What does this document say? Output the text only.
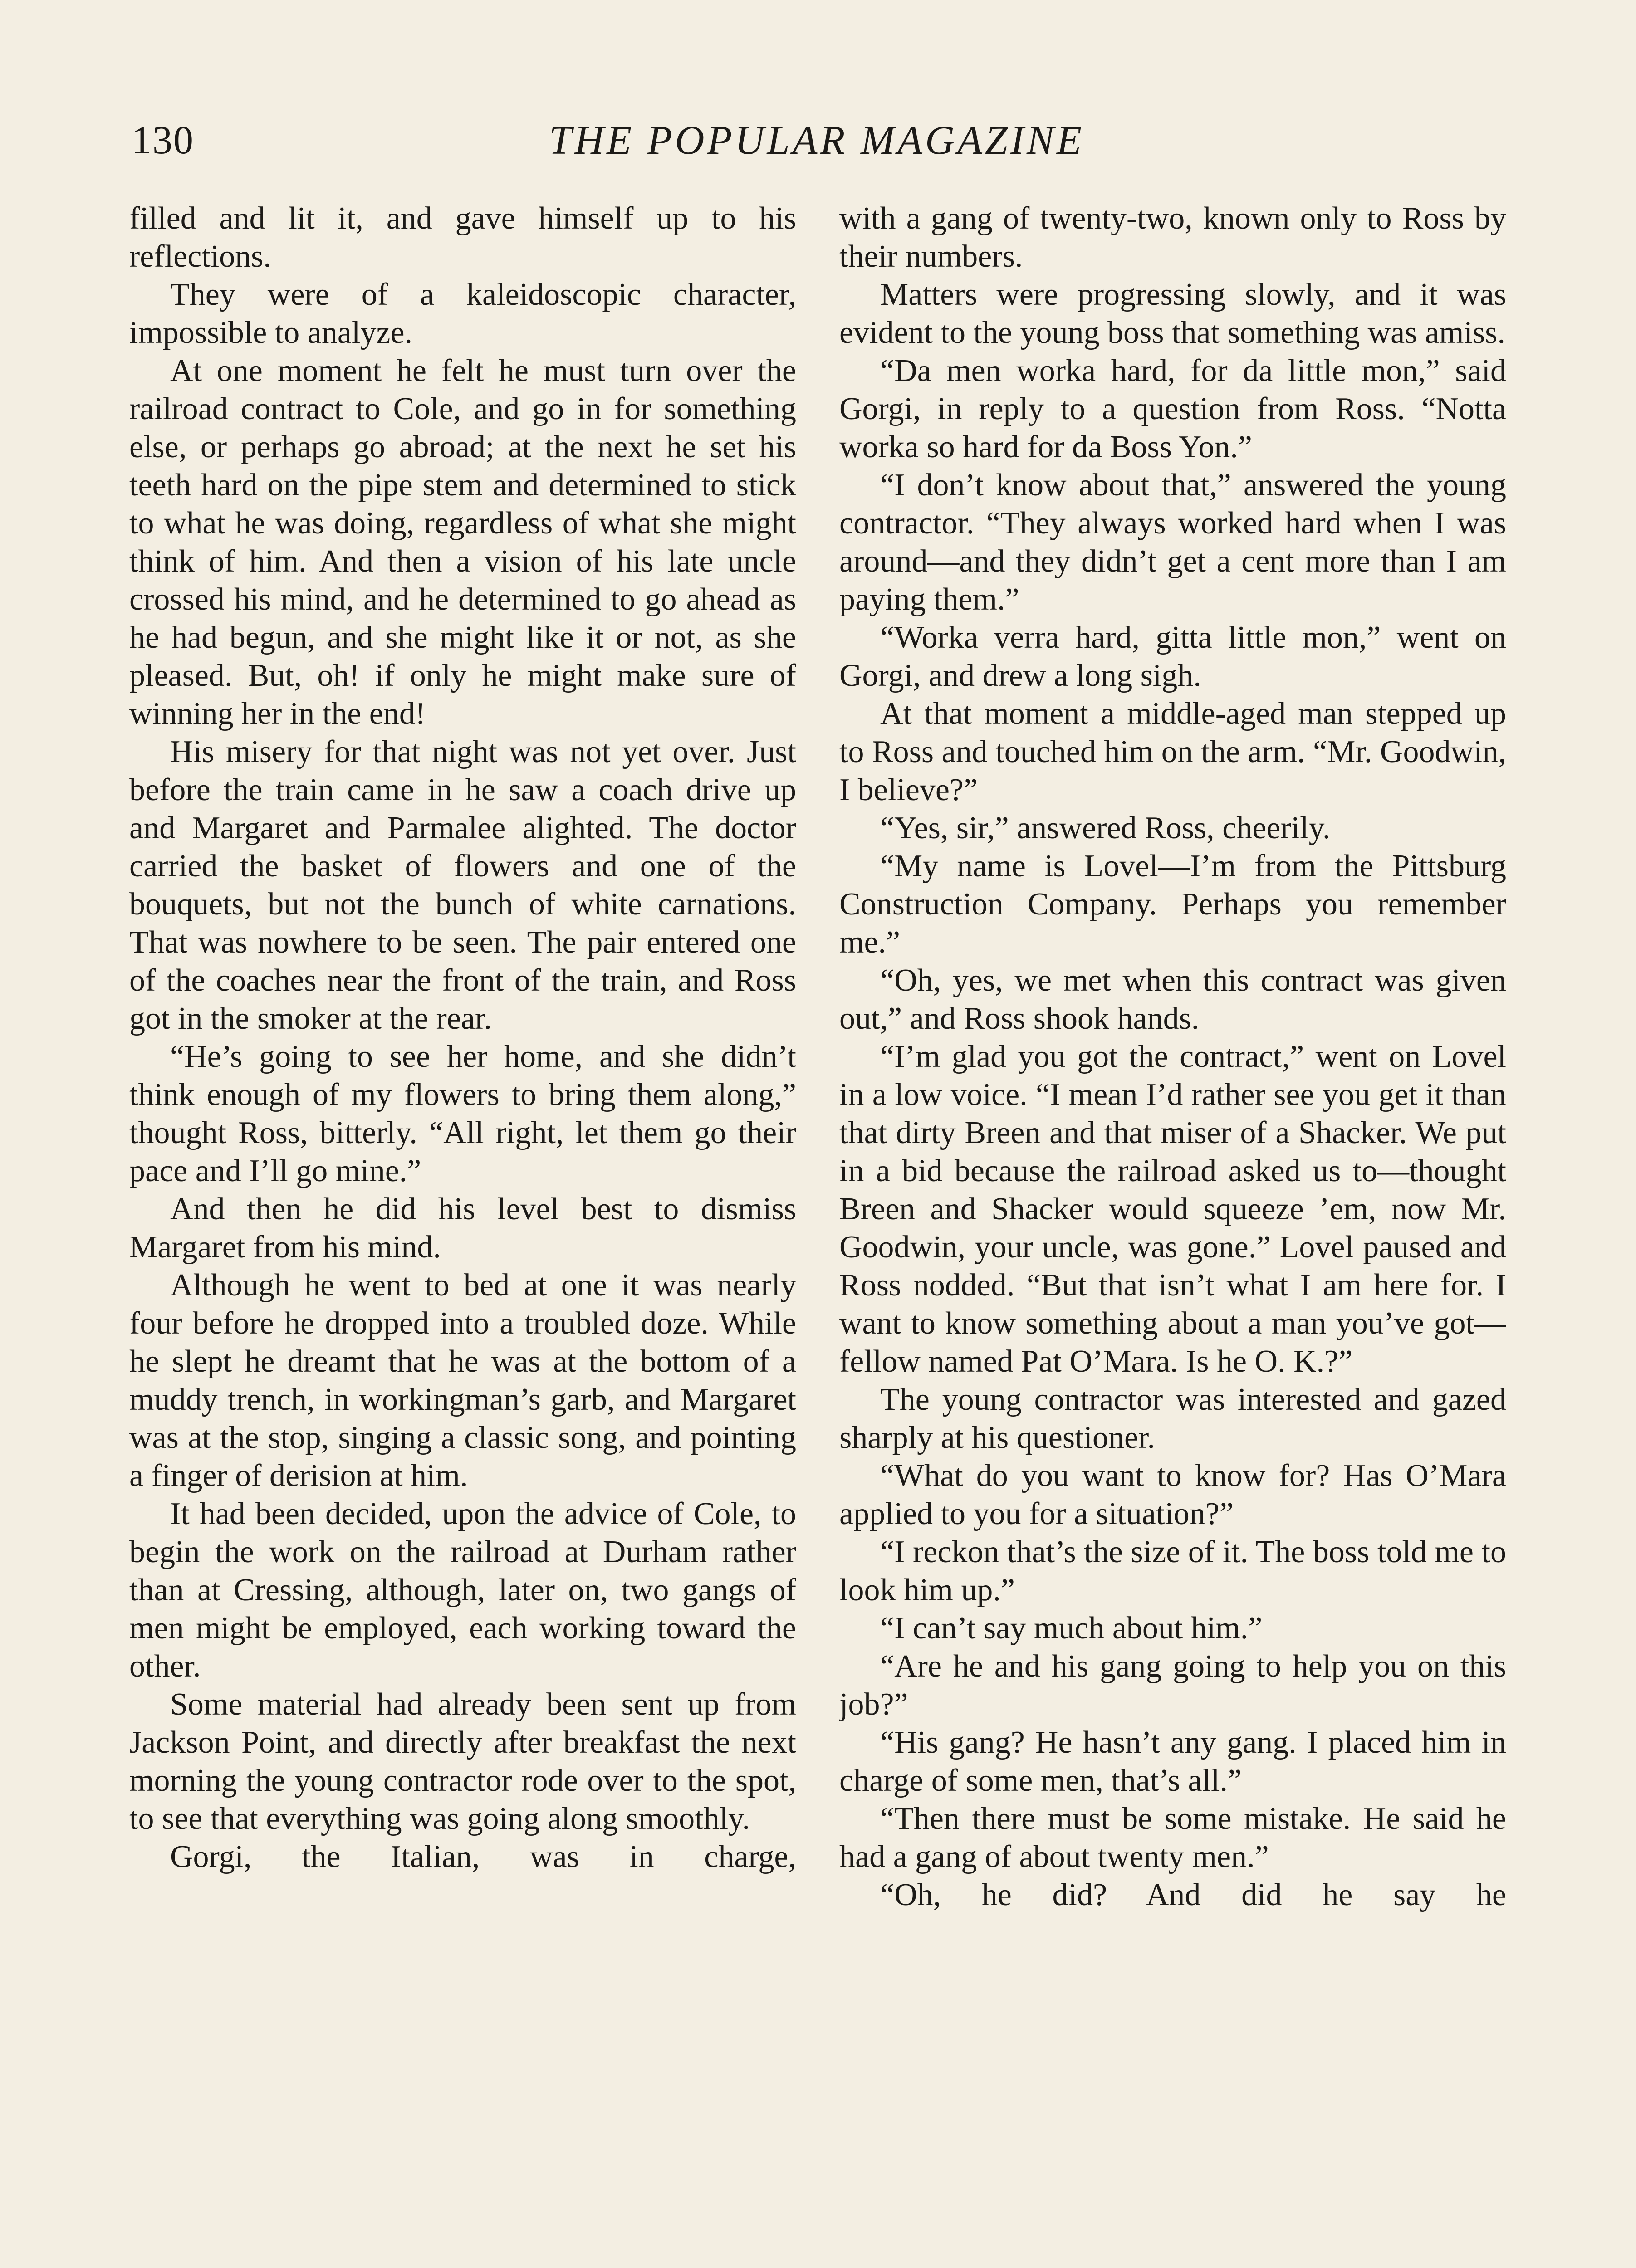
130	THE POPULAR MAGAZINE

filled and lit it, and gave himself up to his reflections.

They were of a kaleidoscopic character, impossible to analyze.

At one moment he felt he must turn over the railroad contract to Cole, and go in for something else, or perhaps go abroad; at the next he set his teeth hard on the pipe stem and determined to stick to what he was doing, regardless of what she might think of him. And then a vision of his late uncle crossed his mind, and he determined to go ahead as he had begun, and she might like it or not, as she pleased. But, oh! if only he might make sure of winning her in the end!

His misery for that night was not yet over. Just before the train came in he saw a coach drive up and Margaret and Parmalee alighted. The doctor carried the basket of flowers and one of the bouquets, but not the bunch of white carnations. That was nowhere to be seen. The pair entered one of the coaches near the front of the train, and Ross got in the smoker at the rear.

“He’s going to see her home, and she didn’t think enough of my flowers to bring them along,” thought Ross, bitterly. “All right, let them go their pace and I’ll go mine.”

And then he did his level best to dismiss Margaret from his mind.

Although he went to bed at one it was nearly four before he dropped into a troubled doze. While he slept he dreamt that he was at the bottom of a muddy trench, in workingman’s garb, and Margaret was at the stop, singing a classic song, and pointing a finger of derision at him.

It had been decided, upon the advice of Cole, to begin the work on the railroad at Durham rather than at Cressing, although, later on, two gangs of men might be employed, each working toward the other.

Some material had already been sent up from Jackson Point, and directly after breakfast the next morning the young contractor rode over to the spot, to see that everything was going along smoothly.

Gorgi, the Italian, was in charge,

with a gang of twenty-two, known only to Ross by their numbers.

Matters were progressing slowly, and it was evident to the young boss that something was amiss.

“Da men worka hard, for da little mon,” said Gorgi, in reply to a question from Ross. “Notta worka so hard for da Boss Yon.”

“I don’t know about that,” answered the young contractor. “They always worked hard when I was around—and they didn’t get a cent more than I am paying them.”

“Worka verra hard, gitta little mon,” went on Gorgi, and drew a long sigh.

At that moment a middle-aged man stepped up to Ross and touched him on the arm. “Mr. Goodwin, I believe?”

“Yes, sir,” answered Ross, cheerily.

“My name is Lovel—I’m from the Pittsburg Construction Company. Perhaps you remember me.”

“Oh, yes, we met when this contract was given out,” and Ross shook hands.

“I’m glad you got the contract,” went on Lovel in a low voice. “I mean I’d rather see you get it than that dirty Breen and that miser of a Shacker. We put in a bid because the railroad asked us to—thought Breen and Shacker would squeeze ’em, now Mr. Goodwin, your uncle, was gone.” Lovel paused and Ross nodded. “But that isn’t what I am here for. I want to know something about a man you’ve got—fellow named Pat O’Mara. Is he O. K.?”

The young contractor was interested and gazed sharply at his questioner.

“What do you want to know for? Has O’Mara applied to you for a situation?”

“I reckon that’s the size of it. The boss told me to look him up.”

“I can’t say much about him.”

“Are he and his gang going to help you on this job?”

“His gang? He hasn’t any gang. I placed him in charge of some men, that’s all.”

“Then there must be some mistake. He said he had a gang of about twenty men.”

“Oh, he did? And did he say he
